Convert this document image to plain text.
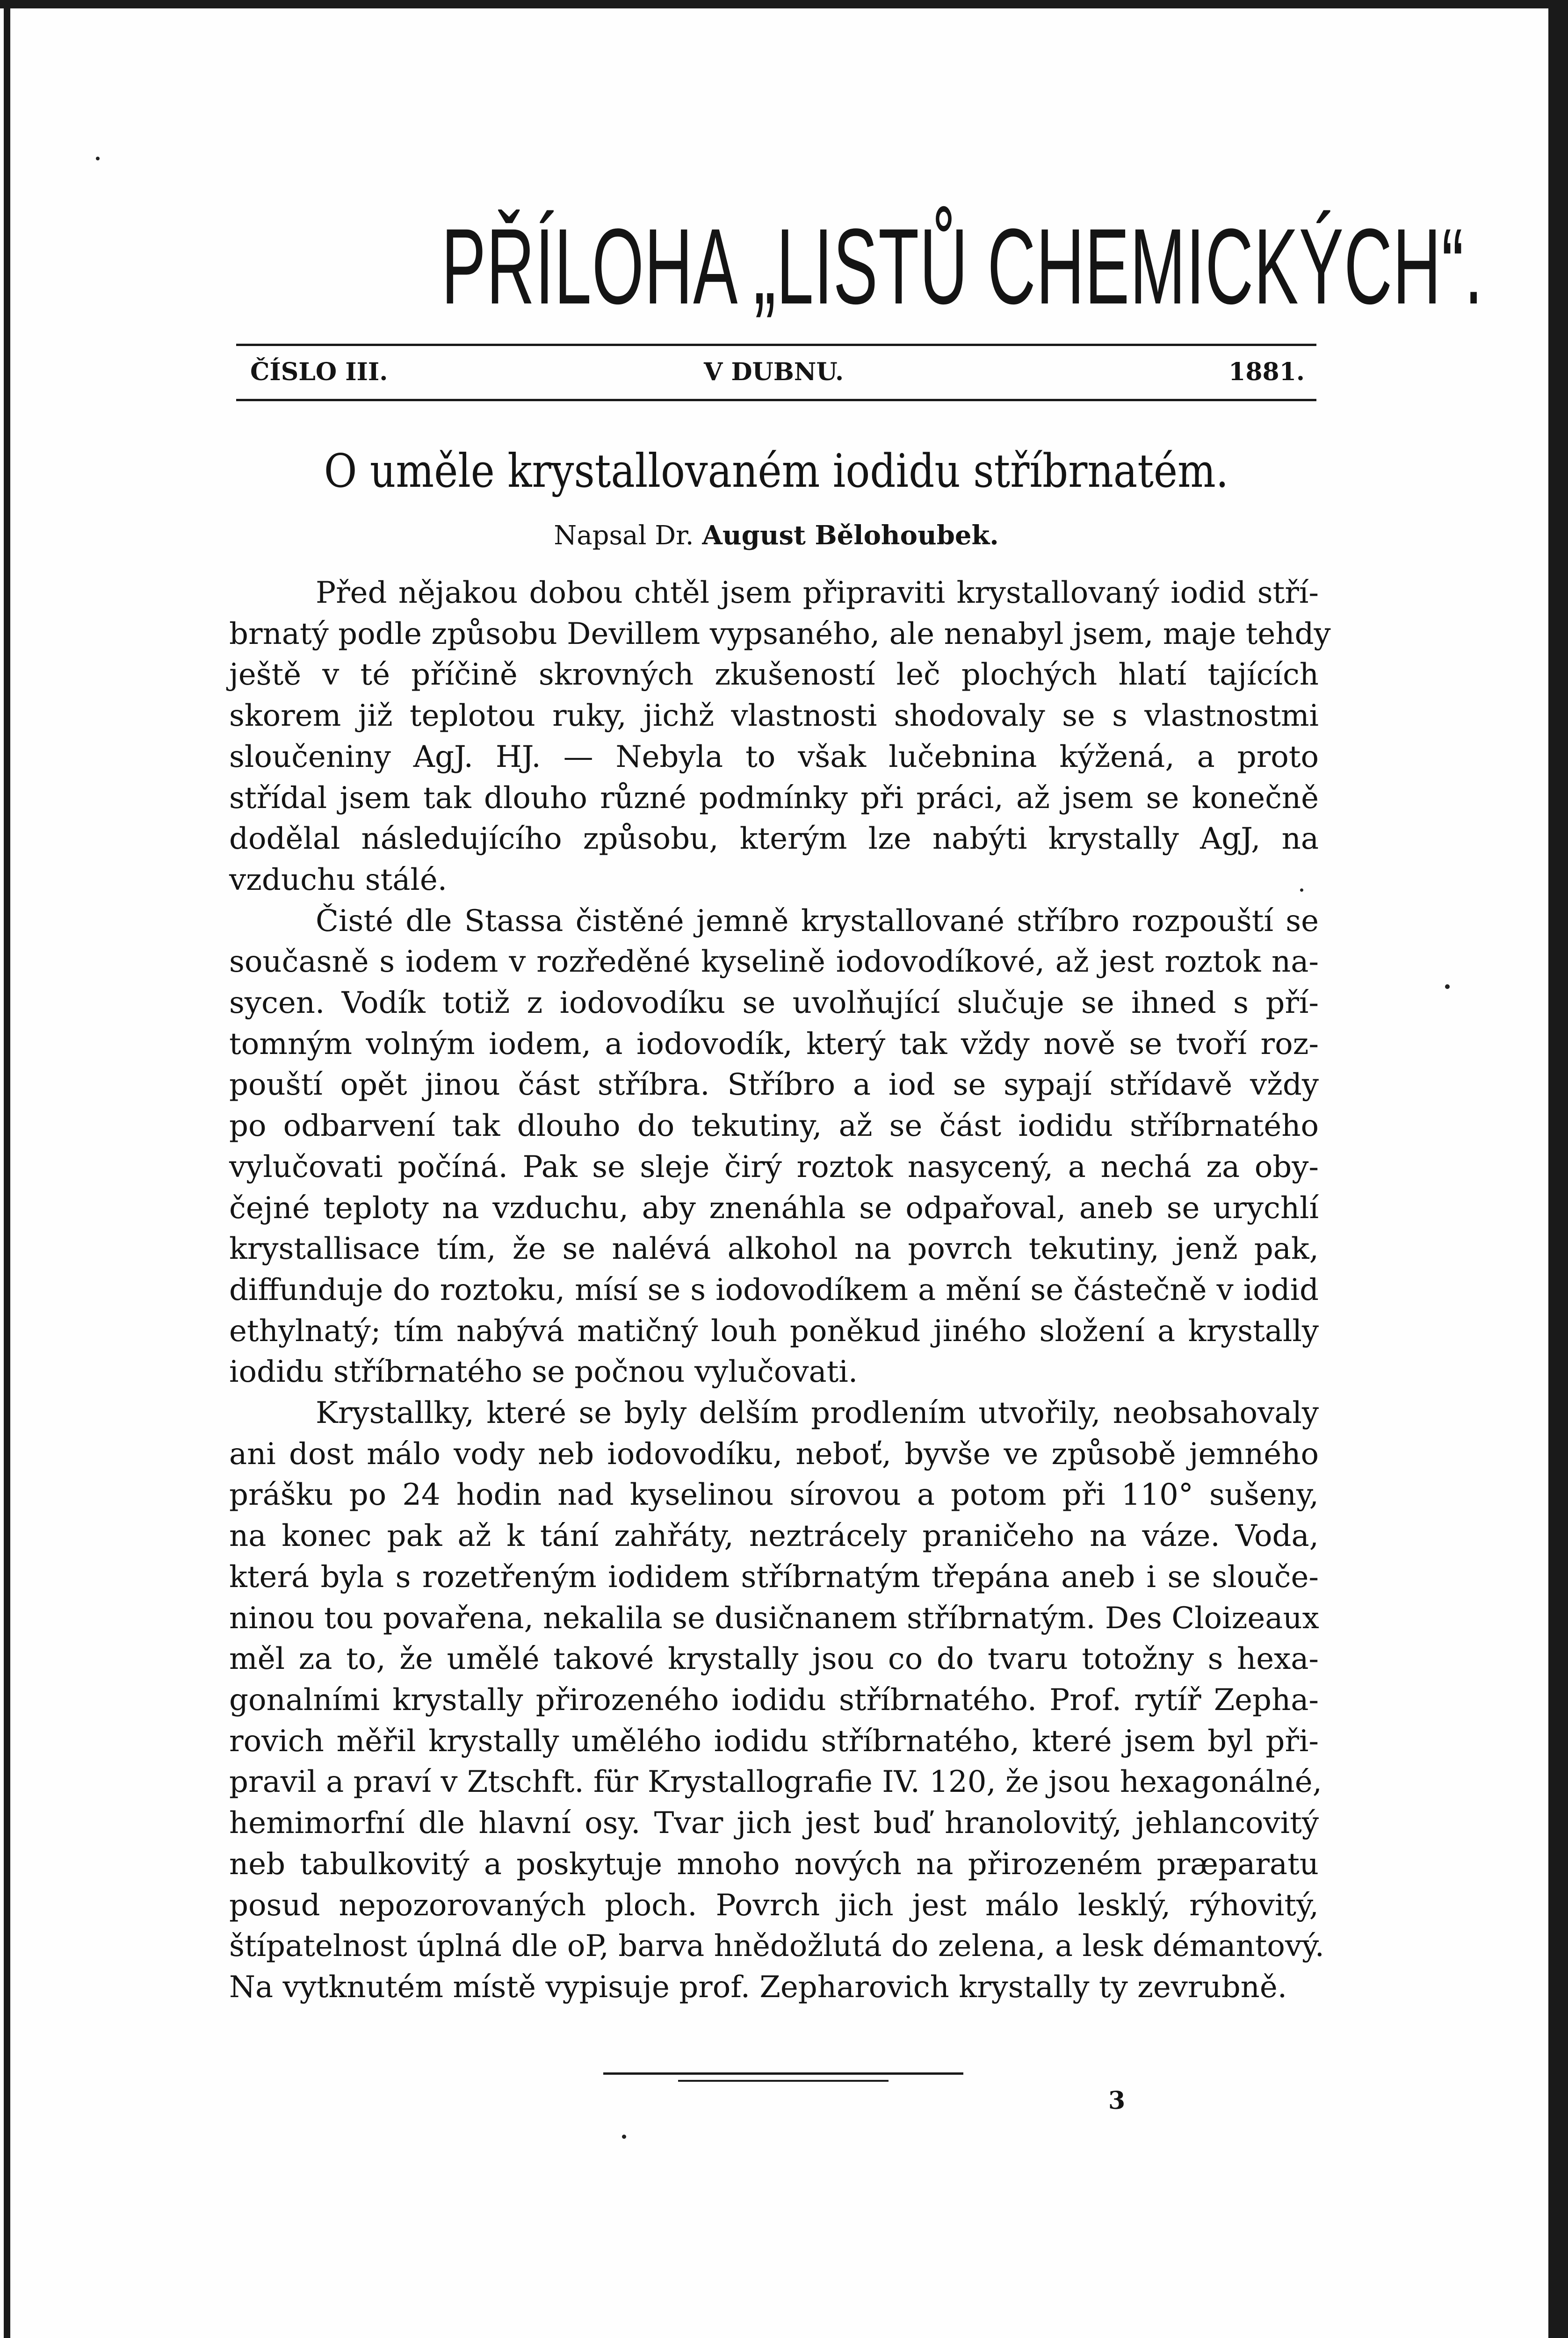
PŘÍLOHA „LISTŮ CHEMICKÝCH“.
ČÍSLO III.	V DUBNU.	1881.
O uměle krystallovaném iodidu stříbrnatém.
Napsal Dr. August Bělohoubek.
Před nějakou dobou chtěl jsem připraviti krystallovaný iodid stří-
brnatý podle způsobu Devillem vypsaného, ale nenabyl jsem, maje tehdy
ještě v té příčině skrovných zkušeností leč plochých hlatí tajících
skorem již teplotou ruky, jichž vlastnosti shodovaly se s vlastnostmi
sloučeniny AgJ. HJ. — Nebyla to však lučebnina kýžená, a proto
střídal jsem tak dlouho různé podmínky při práci, až jsem se konečně
dodělal následujícího způsobu, kterým lze nabýti krystally AgJ, na
vzduchu stálé.
Čisté dle Stassa čistěné jemně krystallované stříbro rozpouští se
současně s iodem v rozředěné kyselině iodovodíkové, až jest roztok na-
sycen. Vodík totiž z iodovodíku se uvolňující slučuje se ihned s pří-
tomným volným iodem, a iodovodík, který tak vždy nově se tvoří roz-
pouští opět jinou část stříbra. Stříbro a iod se sypají střídavě vždy
po odbarvení tak dlouho do tekutiny, až se část iodidu stříbrnatého
vylučovati počíná. Pak se sleje čirý roztok nasycený, a nechá za oby-
čejné teploty na vzduchu, aby znenáhla se odpařoval, aneb se urychlí
krystallisace tím, že se nalévá alkohol na povrch tekutiny, jenž pak,
diffunduje do roztoku, mísí se s iodovodíkem a mění se částečně v iodid
ethylnatý; tím nabývá matičný louh poněkud jiného složení a krystally
iodidu stříbrnatého se počnou vylučovati.
Krystallky, které se byly delším prodlením utvořily, neobsahovaly
ani dost málo vody neb iodovodíku, neboť, byvše ve způsobě jemného
prášku po 24 hodin nad kyselinou sírovou a potom při 110° sušeny,
na konec pak až k tání zahřáty, neztrácely praničeho na váze. Voda,
která byla s rozetřeným iodidem stříbrnatým třepána aneb i se slouče-
ninou tou povařena, nekalila se dusičnanem stříbrnatým. Des Cloizeaux
měl za to, že umělé takové krystally jsou co do tvaru totožny s hexa-
gonalními krystally přirozeného iodidu stříbrnatého. Prof. rytíř Zepha-
rovich měřil krystally umělého iodidu stříbrnatého, které jsem byl při-
pravil a praví v Ztschft. für Krystallografie IV. 120, že jsou hexagonálné,
hemimorfní dle hlavní osy. Tvar jich jest buď hranolovitý, jehlancovitý
neb tabulkovitý a poskytuje mnoho nových na přirozeném præparatu
posud nepozorovaných ploch. Povrch jich jest málo lesklý, rýhovitý,
štípatelnost úplná dle oP, barva hnědožlutá do zelena, a lesk démantový.
Na vytknutém místě vypisuje prof. Zepharovich krystally ty zevrubně.
3
